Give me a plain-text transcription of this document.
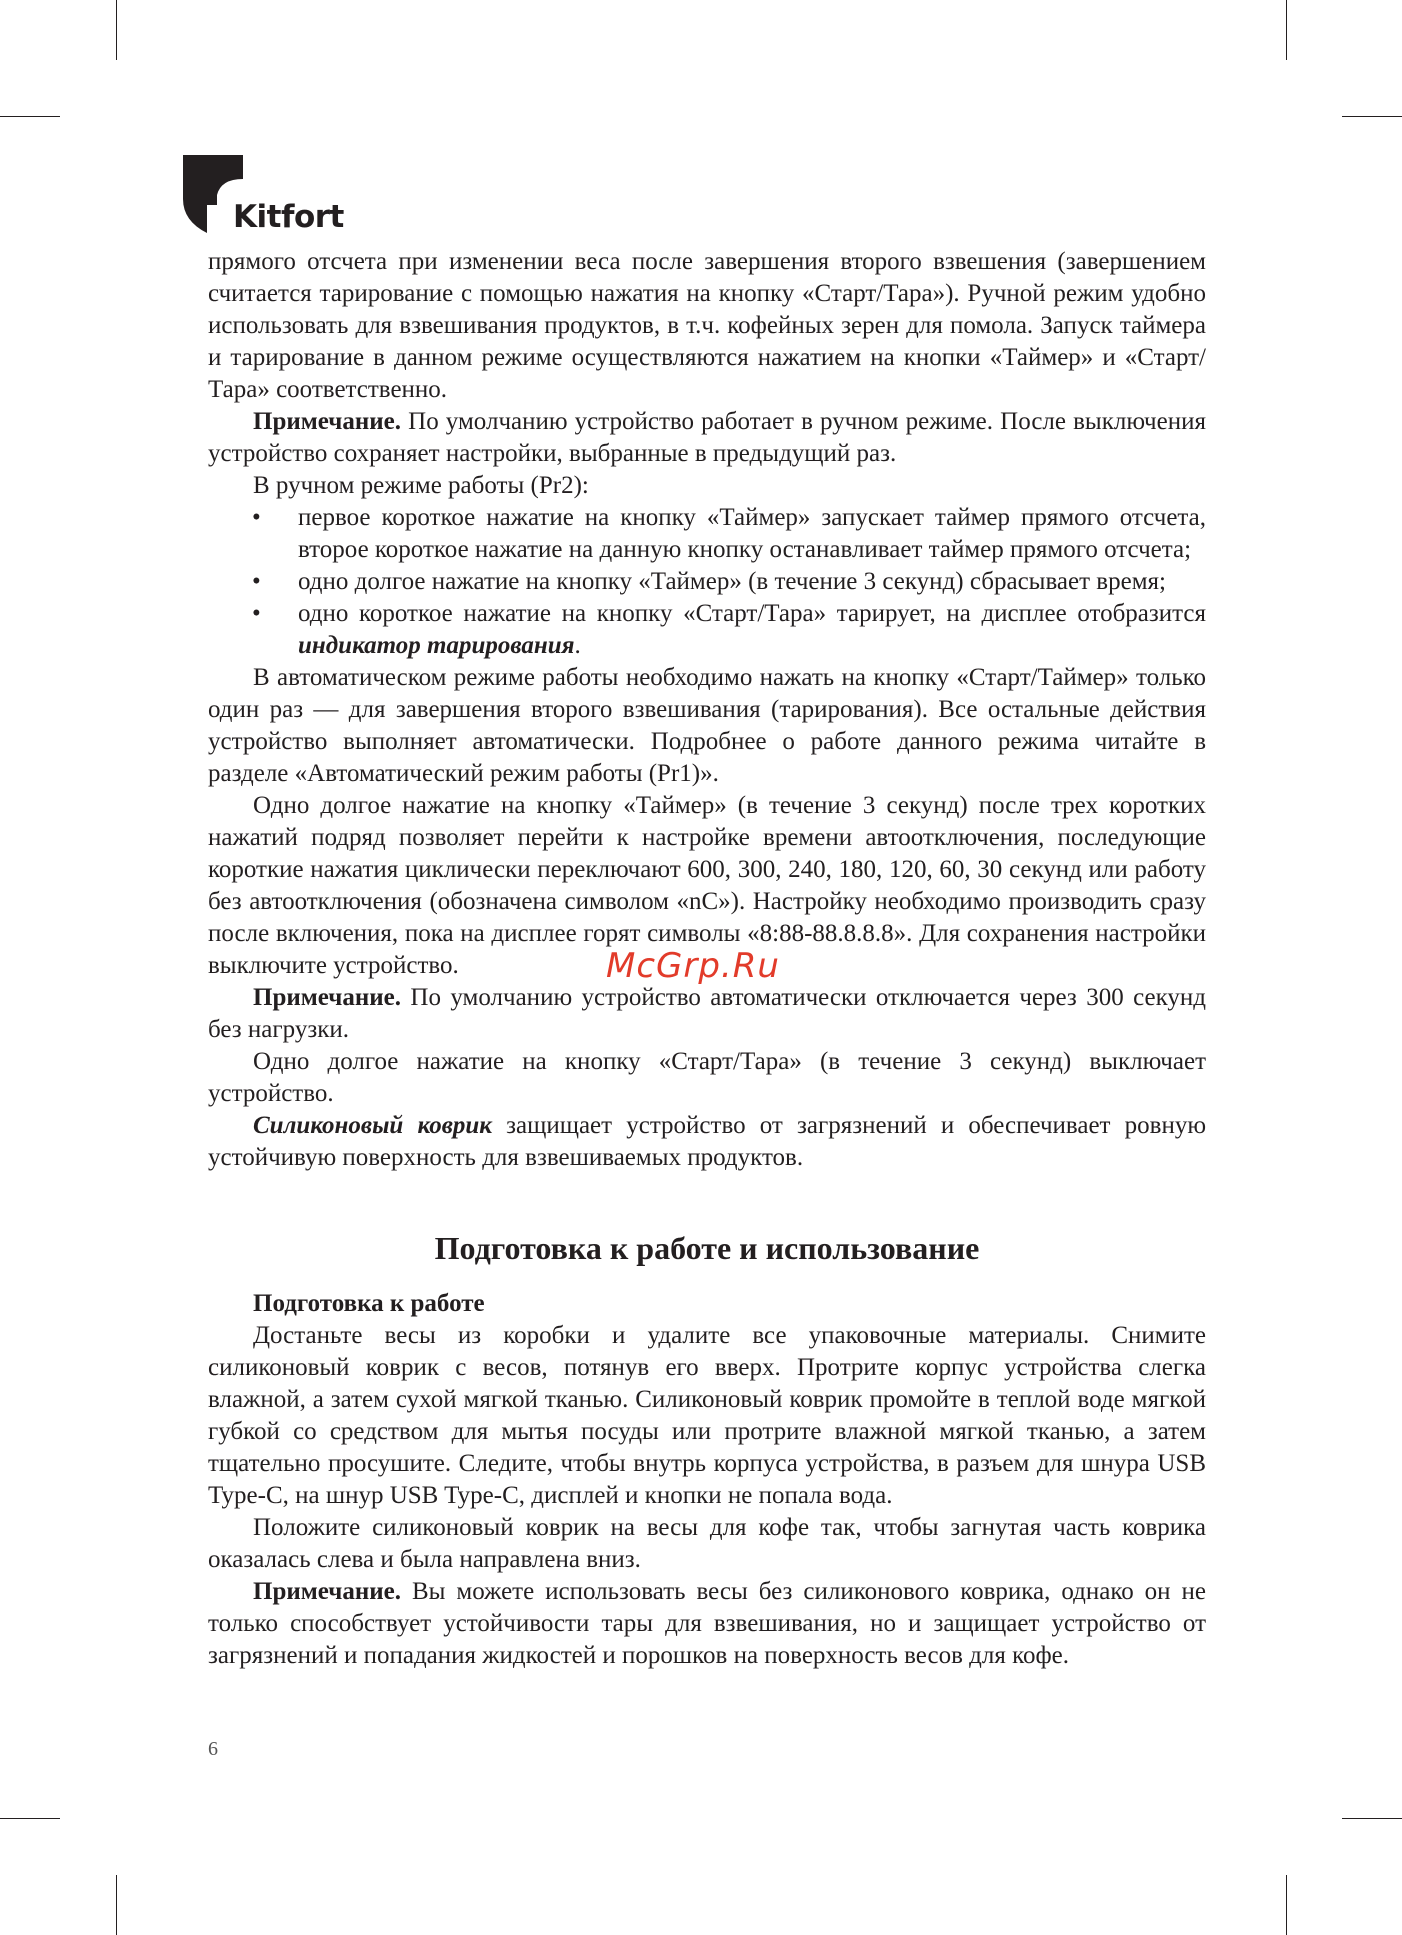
Kitfort

прямого отсчета при изменении веса после завершения второго взвешения (завершением считается тарирование с помощью нажатия на кнопку «Старт/Тара»). Ручной режим удобно использовать для взвешивания продуктов, в т.ч. кофейных зерен для помола. Запуск таймера и тарирование в данном режиме осуществляются нажатием на кнопки «Таймер» и «Старт/Тара» соответственно.

Примечание. По умолчанию устройство работает в ручном режиме. После выключения устройство сохраняет настройки, выбранные в предыдущий раз.

В ручном режиме работы (Pr2):

• первое короткое нажатие на кнопку «Таймер» запускает таймер прямого отсчета, второе короткое нажатие на данную кнопку останавливает таймер прямого отсчета;
• одно долгое нажатие на кнопку «Таймер» (в течение 3 секунд) сбрасывает время;
• одно короткое нажатие на кнопку «Старт/Тара» тарирует, на дисплее отобразится индикатор тарирования.

В автоматическом режиме работы необходимо нажать на кнопку «Старт/Таймер» только один раз — для завершения второго взвешивания (тарирования). Все остальные действия устройство выполняет автоматически. Подробнее о работе данного режима читайте в разделе «Автоматический режим работы (Pr1)».

Одно долгое нажатие на кнопку «Таймер» (в течение 3 секунд) после трех коротких нажатий подряд позволяет перейти к настройке времени автоотключения, последующие короткие нажатия циклически переключают 600, 300, 240, 180, 120, 60, 30 секунд или работу без автоотключения (обозначена символом «nC»). Настройку необходимо производить сразу после включения, пока на дисплее горят символы «8:88-88.8.8.8». Для сохранения настройки выключите устройство.

Примечание. По умолчанию устройство автоматически отключается через 300 секунд без нагрузки.

Одно долгое нажатие на кнопку «Старт/Тара» (в течение 3 секунд) выключает устройство.

Силиконовый коврик защищает устройство от загрязнений и обеспечивает ровную устойчивую поверхность для взвешиваемых продуктов.

Подготовка к работе и использование

Подготовка к работе

Достаньте весы из коробки и удалите все упаковочные материалы. Снимите силиконовый коврик с весов, потянув его вверх. Протрите корпус устройства слегка влажной, а затем сухой мягкой тканью. Силиконовый коврик промойте в теплой воде мягкой губкой со средством для мытья посуды или протрите влажной мягкой тканью, а затем тщательно просушите. Следите, чтобы внутрь корпуса устройства, в разъем для шнура USB Type-C, на шнур USB Type-C, дисплей и кнопки не попала вода.

Положите силиконовый коврик на весы для кофе так, чтобы загнутая часть коврика оказалась слева и была направлена вниз.

Примечание. Вы можете использовать весы без силиконового коврика, однако он не только способствует устойчивости тары для взвешивания, но и защищает устройство от загрязнений и попадания жидкостей и порошков на поверхность весов для кофе.

McGrp.Ru
6
